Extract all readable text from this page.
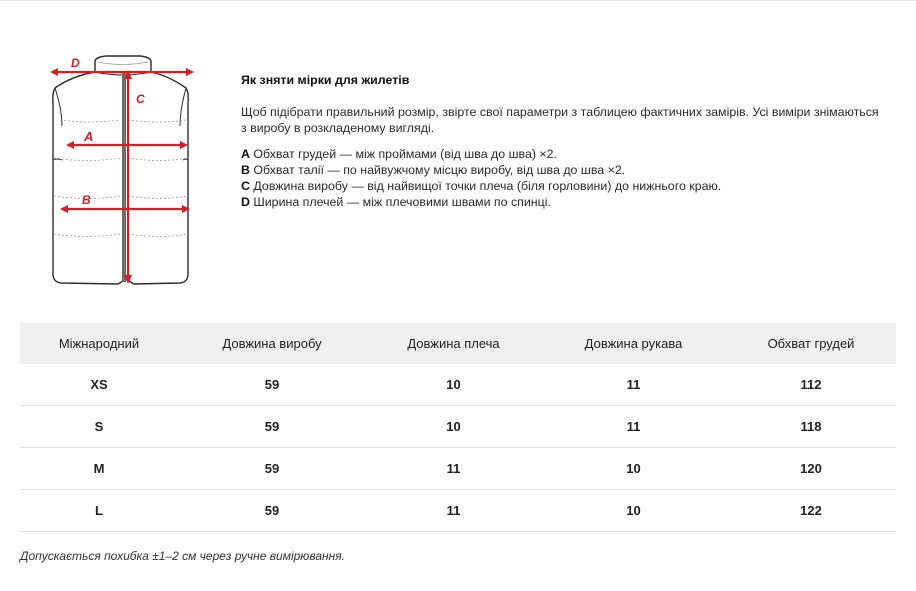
D
C
A
B
Як зняти мірки для жилетів
Щоб підібрати правильний розмір, звірте свої параметри з таблицею фактичних замірів. Усі виміри знімаються з виробу в розкладеному вигляді.
A Обхват грудей — між проймами (від шва до шва) ×2.
B Обхват талії — по найвужчому місцю виробу, від шва до шва ×2.
C Довжина виробу — від найвищої точки плеча (біля горловини) до нижнього краю.
D Ширина плечей — між плечовими швами по спинці.
Міжнародний	Довжина виробу	Довжина плеча	Довжина рукава	Обхват грудей
XS	59	10	11	112
S	59	10	11	118
M	59	11	10	120
L	59	11	10	122
Допускається похибка ±1–2 см через ручне вимірювання.
